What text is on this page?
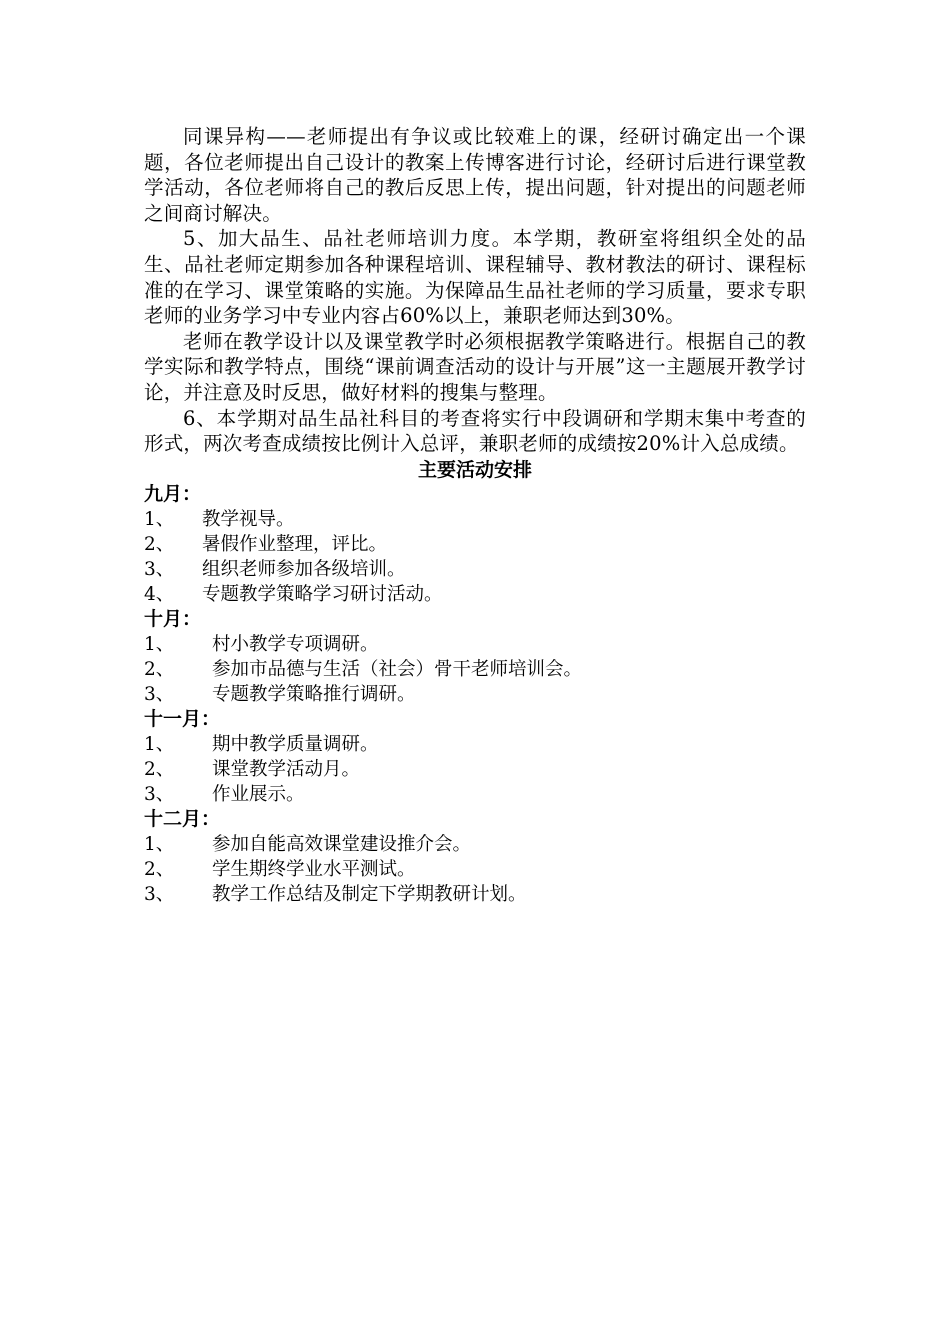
同课异构——老师提出有争议或比较难上的课，经研讨确定出一个课题，各位老师提出自己设计的教案上传博客进行讨论，经研讨后进行课堂教学活动，各位老师将自己的教后反思上传，提出问题，针对提出的问题老师之间商讨解决。

5、加大品生、品社老师培训力度。本学期，教研室将组织全处的品生、品社老师定期参加各种课程培训、课程辅导、教材教法的研讨、课程标准的在学习、课堂策略的实施。为保障品生品社老师的学习质量，要求专职老师的业务学习中专业内容占60%以上，兼职老师达到30%。

老师在教学设计以及课堂教学时必须根据教学策略进行。根据自己的教学实际和教学特点，围绕“课前调查活动的设计与开展”这一主题展开教学讨论，并注意及时反思，做好材料的搜集与整理。

6、本学期对品生品社科目的考查将实行中段调研和学期末集中考查的形式，两次考查成绩按比例计入总评，兼职老师的成绩按20%计入总成绩。

主要活动安排
九月：
1、	教学视导。
2、	暑假作业整理，评比。
3、	组织老师参加各级培训。
4、	专题教学策略学习研讨活动。
十月：
1、	村小教学专项调研。
2、	参加市品德与生活（社会）骨干老师培训会。
3、	专题教学策略推行调研。
十一月：
1、	期中教学质量调研。
2、	课堂教学活动月。
3、	作业展示。
十二月：
1、	参加自能高效课堂建设推介会。
2、	学生期终学业水平测试。
3、	教学工作总结及制定下学期教研计划。
